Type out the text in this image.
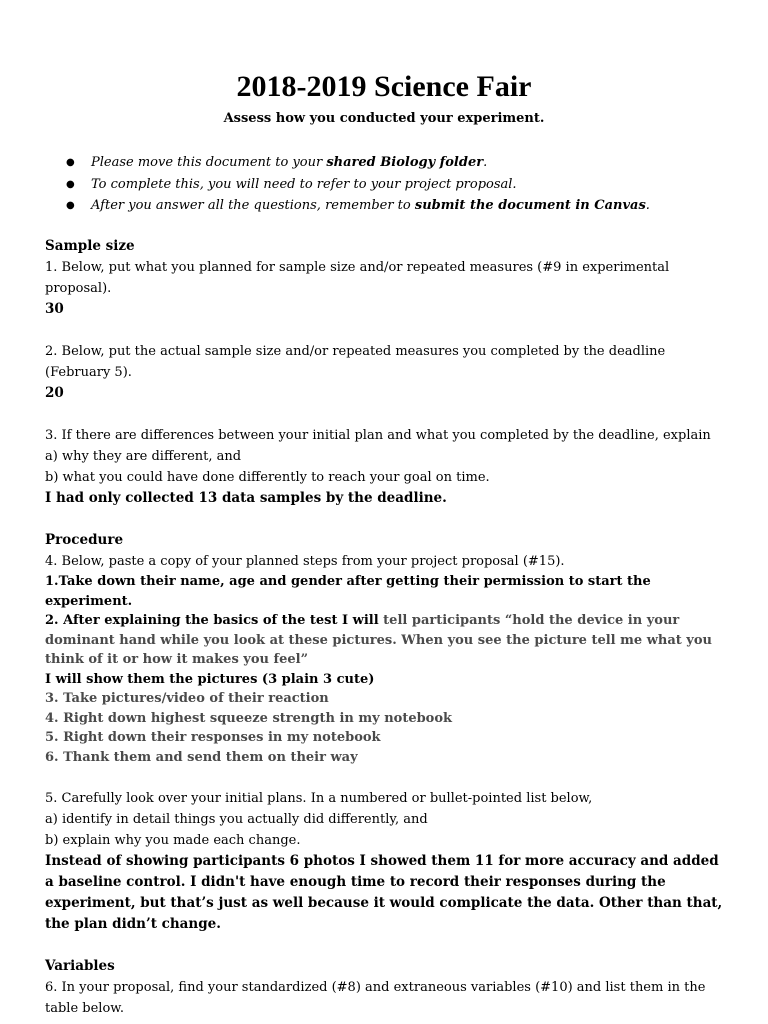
2018-2019 Science Fair
Assess how you conducted your experiment.
● Please move this document to your shared Biology folder.
● To complete this, you will need to refer to your project proposal.
● After you answer all the questions, remember to submit the document in Canvas.

Sample size

1. Below, put what you planned for sample size and/or repeated measures (#9 in experimental proposal).

30

2. Below, put the actual sample size and/or repeated measures you completed by the deadline (February 5).

20

3. If there are differences between your initial plan and what you completed by the deadline, explain

a) why they are different, and

b) what you could have done differently to reach your goal on time.

I had only collected 13 data samples by the deadline.

Procedure

4. Below, paste a copy of your planned steps from your project proposal (#15).

1.Take down their name, age and gender after getting their permission to start the experiment.

2. After explaining the basics of the test I will tell participants “hold the device in your dominant hand while you look at these pictures. When you see the picture tell me what you think of it or how it makes you feel”

I will show them the pictures (3 plain 3 cute)

3. Take pictures/video of their reaction

4. Right down highest squeeze strength in my notebook

5. Right down their responses in my notebook

6. Thank them and send them on their way

5. Carefully look over your initial plans. In a numbered or bullet-pointed list below,

a) identify in detail things you actually did differently, and

b) explain why you made each change.

Instead of showing participants 6 photos I showed them 11 for more accuracy and added a baseline control. I didn't have enough time to record their responses during the experiment, but that’s just as well because it would complicate the data. Other than that, the plan didn’t change.

Variables

6. In your proposal, find your standardized (#8) and extraneous variables (#10) and list them in the table below.
